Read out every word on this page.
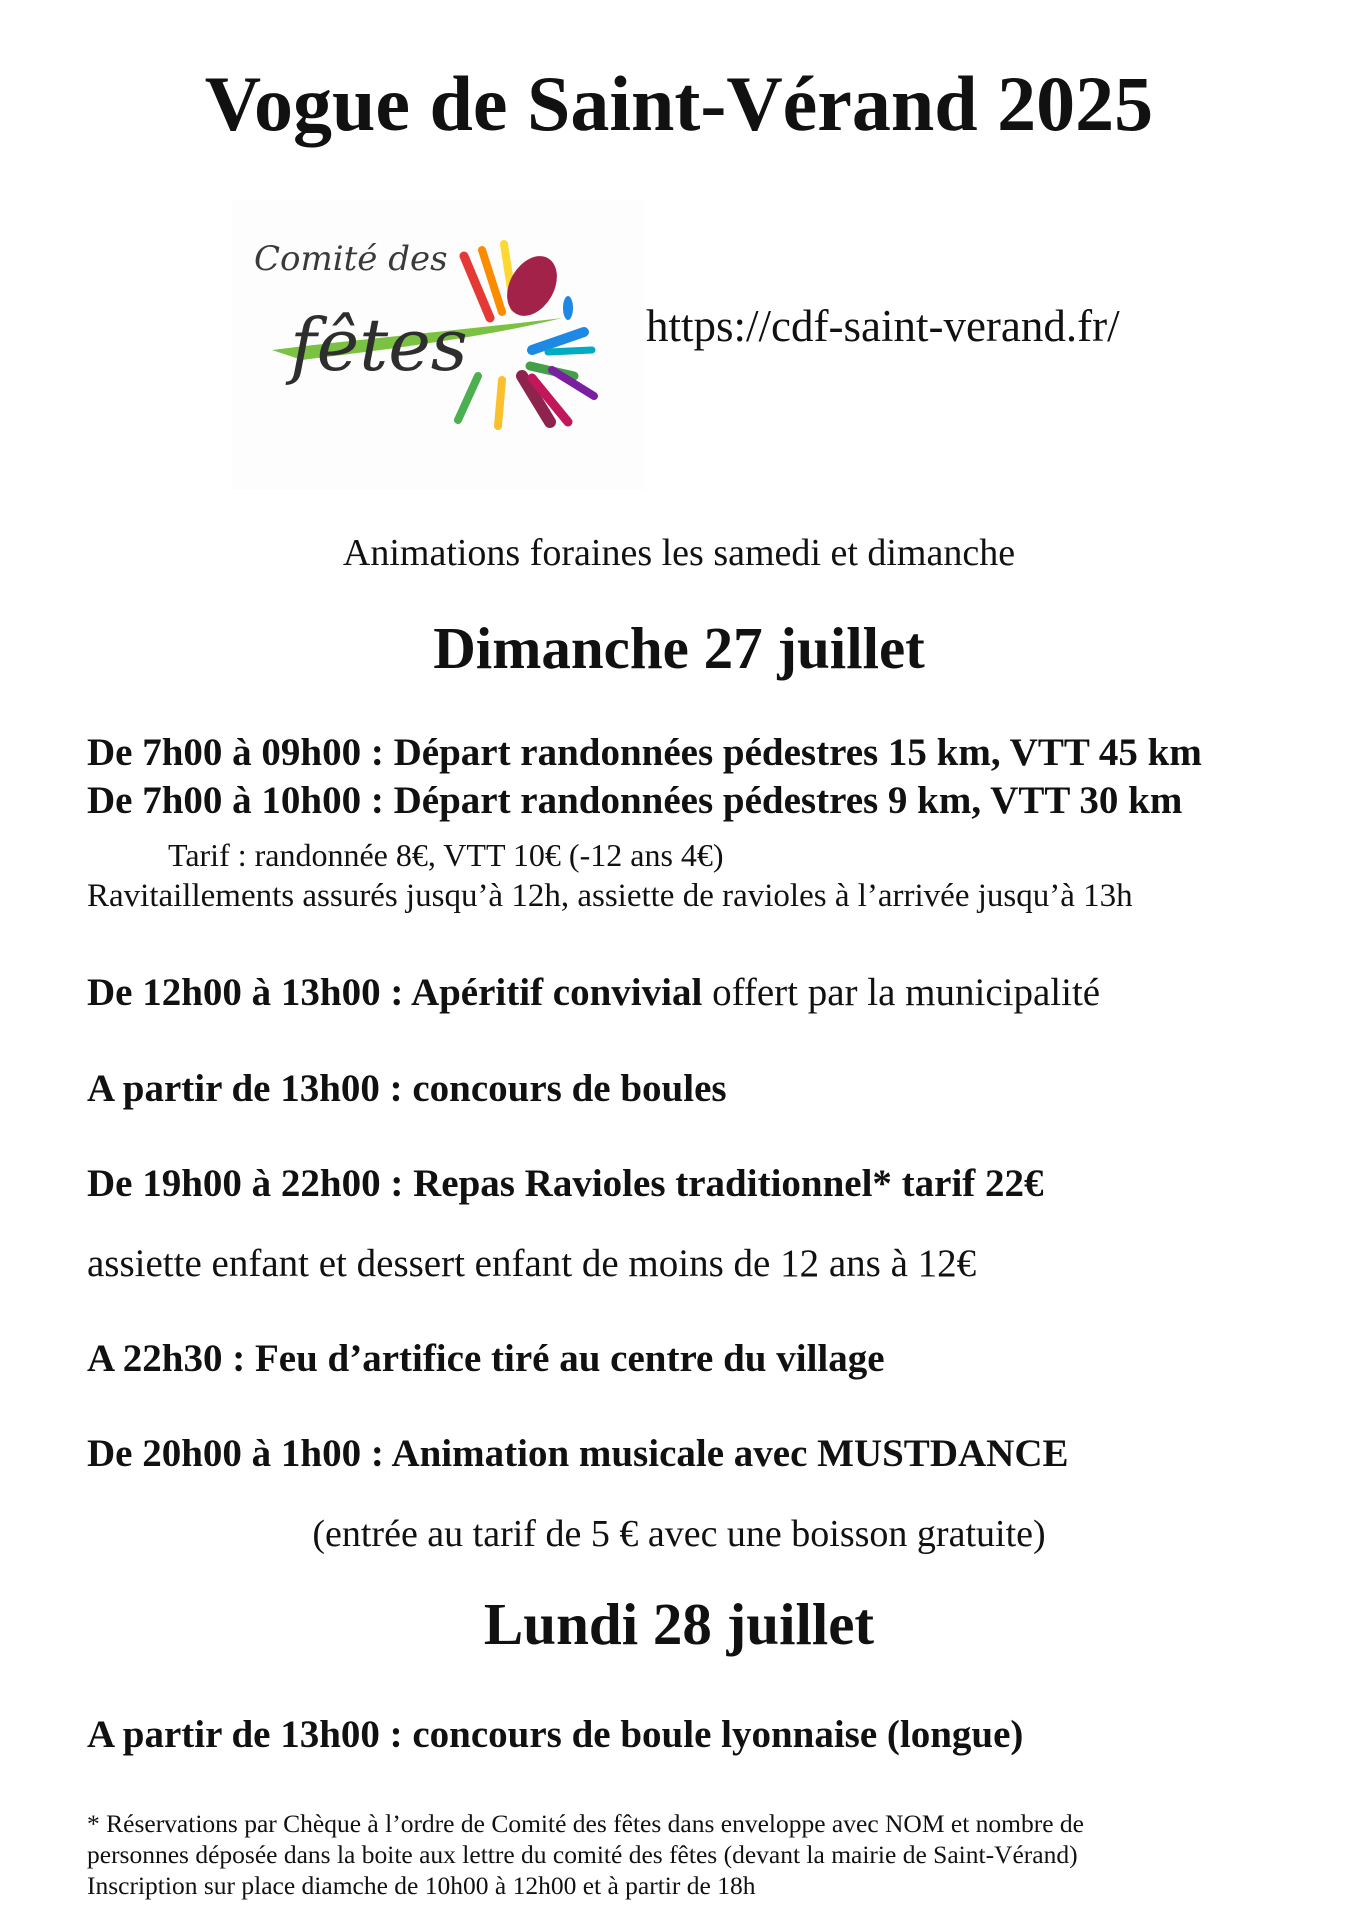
Vogue de Saint-Vérand 2025
Comité des
fêtes	https://cdf-saint-verand.fr/

Animations foraines les samedi et dimanche

Dimanche 27 juillet

De 7h00 à 09h00 : Départ randonnées pédestres 15 km, VTT 45 km

De 7h00 à 10h00 : Départ randonnées pédestres 9 km, VTT 30 km

Tarif : randonnée 8€, VTT 10€ (-12 ans 4€)

Ravitaillements assurés jusqu’à 12h, assiette de ravioles à l’arrivée jusqu’à 13h

De 12h00 à 13h00 : Apéritif convivial offert par la municipalité

A partir de 13h00 : concours de boules

De 19h00 à 22h00 : Repas Ravioles traditionnel* tarif 22€

assiette enfant et dessert enfant de moins de 12 ans à 12€

A 22h30 : Feu d’artifice tiré au centre du village

De 20h00 à 1h00 : Animation musicale avec MUSTDANCE

(entrée au tarif de 5 € avec une boisson gratuite)

Lundi 28 juillet

A partir de 13h00 : concours de boule lyonnaise (longue)

* Réservations par Chèque à l’ordre de Comité des fêtes dans enveloppe avec NOM et nombre de
personnes déposée dans la boite aux lettre du comité des fêtes (devant la mairie de Saint-Vérand)
Inscription sur place diamche de 10h00 à 12h00 et à partir de 18h
